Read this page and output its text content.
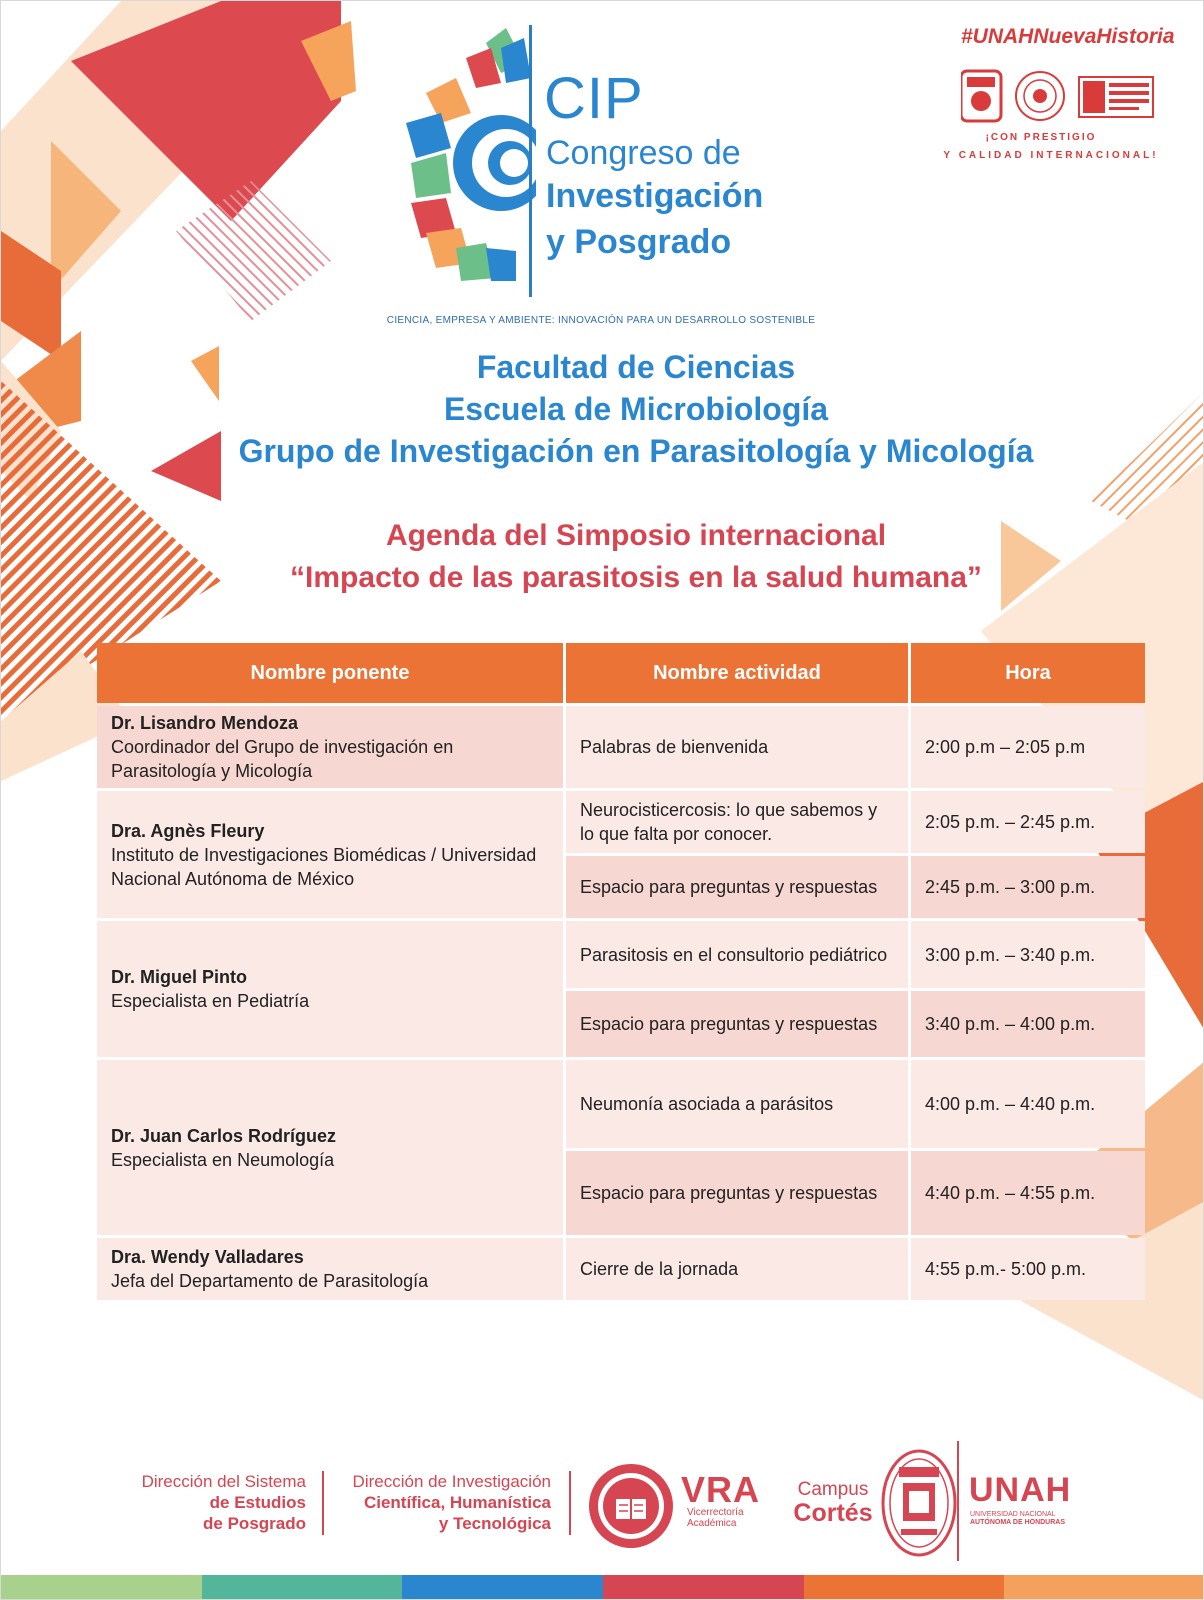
CIP
Congreso de
Investigación
y Posgrado
CIENCIA, EMPRESA Y AMBIENTE: INNOVACIÓN PARA UN DESARROLLO SOSTENIBLE
#UNAHNuevaHistoria
¡CON PRESTIGIO
Y CALIDAD INTERNACIONAL!
Facultad de Ciencias
Escuela de Microbiología
Grupo de Investigación en Parasitología y Micología
Agenda del Simposio internacional
“Impacto de las parasitosis en la salud humana”
Nombre ponente	Nombre actividad	Hora

Dr. Lisandro Mendoza
Coordinador del Grupo de investigación en Parasitología y Micología	Palabras de bienvenida	2:00 p.m – 2:05 p.m

Dra. Agnès Fleury
Instituto de Investigaciones Biomédicas / Universidad Nacional Autónoma de México	Neurocisticercosis: lo que sabemos y lo que falta por conocer.	2:05 p.m. – 2:45 p.m.
	Espacio para preguntas y respuestas	2:45 p.m. – 3:00 p.m.

Dr. Miguel Pinto
Especialista en Pediatría	Parasitosis en el consultorio pediátrico	3:00 p.m. – 3:40 p.m.
	Espacio para preguntas y respuestas	3:40 p.m. – 4:00 p.m.

Dr. Juan Carlos Rodríguez
Especialista en Neumología	Neumonía asociada a parásitos	4:00 p.m. – 4:40 p.m.
	Espacio para preguntas y respuestas	4:40 p.m. – 4:55 p.m.

Dra. Wendy Valladares
Jefa del Departamento de Parasitología	Cierre de la jornada	4:55 p.m.- 5:00 p.m.
Dirección del Sistema
de Estudios
de Posgrado
Dirección de Investigación
Científica, Humanística
y Tecnológica
VRA
Vicerrectoría
Académica
Campus
Cortés
UNAH
UNIVERSIDAD NACIONAL
AUTÓNOMA DE HONDURAS
